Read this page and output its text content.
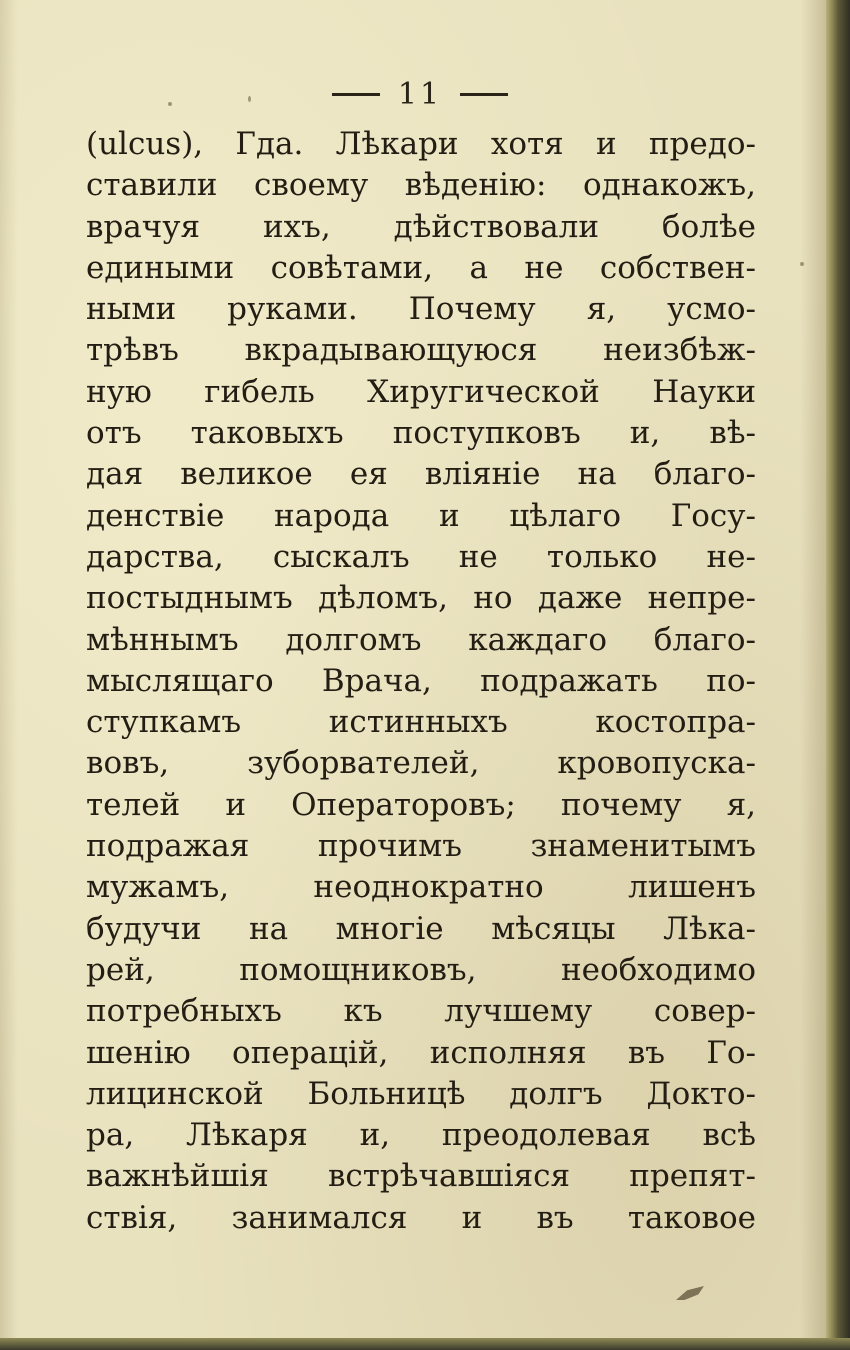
11
(ulcus), Гда. Лѣкари хотя и предо-
ставили своему вѣденію: однакожъ,
врачуя ихъ, дѣйствовали болѣе
едиными совѣтами, а не собствен-
ными руками. Почему я, усмо-
трѣвъ вкрадывающуюся неизбѣж-
ную гибель Хиругической Науки
отъ таковыхъ поступковъ и, вѣ-
дая великое ея вліяніе на благо-
денствіе народа и цѣлаго Госу-
дарства, сыскалъ не только не-
постыднымъ дѣломъ, но даже непре-
мѣннымъ долгомъ каждаго благо-
мыслящаго Врача, подражать по-
ступкамъ истинныхъ костопра-
вовъ, зуборвателей, кровопуска-
телей и Операторовъ; почему я,
подражая прочимъ знаменитымъ
мужамъ, неоднократно лишенъ
будучи на многіе мѣсяцы Лѣка-
рей, помощниковъ, необходимо
потребныхъ къ лучшему совер-
шенію операцій, исполняя въ Го-
лицинской Больницѣ долгъ Доктo-
ра, Лѣкаря и, преодолевая всѣ
важнѣйшія встрѣчавшіяся препят-
ствія, занимался и въ таковое
